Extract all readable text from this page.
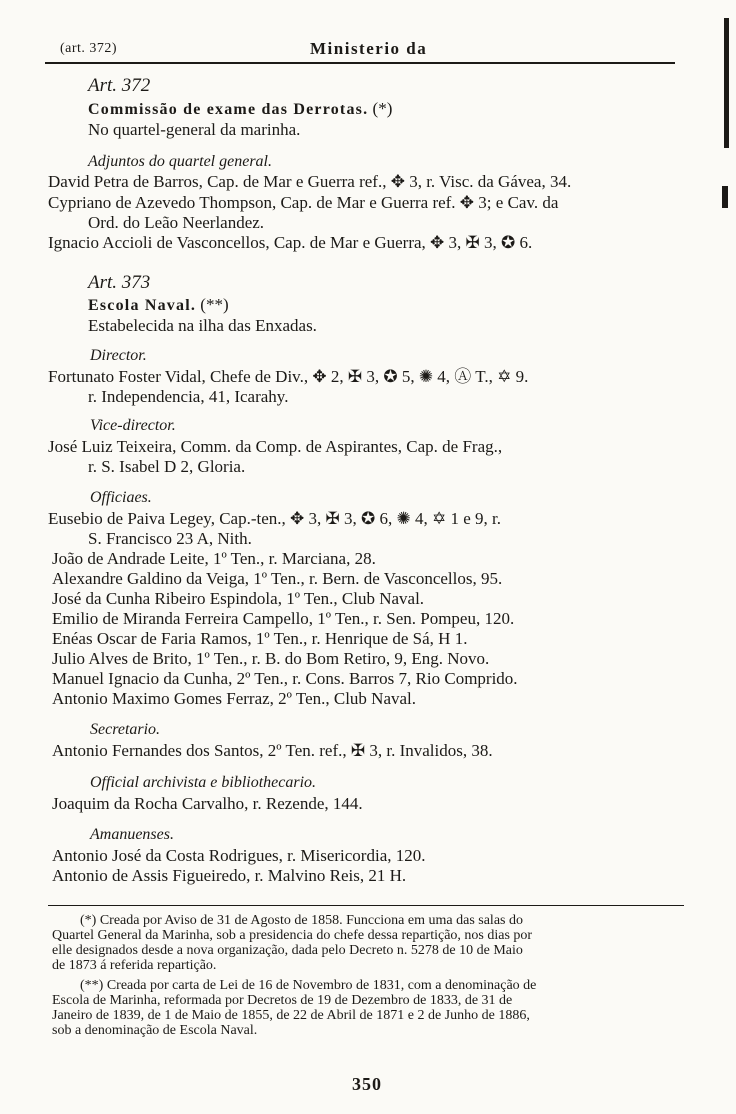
(art. 372)	Ministerio da
Art. 372
Commissão de exame das Derrotas. (*)
No quartel-general da marinha.
Adjuntos do quartel general.
David Petra de Barros, Cap. de Mar e Guerra ref., ✥ 3, r. Visc. da Gávea, 34.
Cypriano de Azevedo Thompson, Cap. de Mar e Guerra ref. ✥ 3; e Cav. da
Ord. do Leão Neerlandez.
Ignacio Accioli de Vasconcellos, Cap. de Mar e Guerra, ✥ 3, ✠ 3, ✪ 6.
Art. 373
Escola Naval. (**)
Estabelecida na ilha das Enxadas.
Director.
Fortunato Foster Vidal, Chefe de Div., ✥ 2, ✠ 3, ✪ 5, ✺ 4, Ⓐ T., ✡ 9.
r. Independencia, 41, Icarahy.
Vice-director.
José Luiz Teixeira, Comm. da Comp. de Aspirantes, Cap. de Frag.,
r. S. Isabel D 2, Gloria.
Officiaes.
Eusebio de Paiva Legey, Cap.-ten., ✥ 3, ✠ 3, ✪ 6, ✺ 4, ✡ 1 e 9, r.
S. Francisco 23 A, Nith.
João de Andrade Leite, 1º Ten., r. Marciana, 28.
Alexandre Galdino da Veiga, 1º Ten., r. Bern. de Vasconcellos, 95.
José da Cunha Ribeiro Espindola, 1º Ten., Club Naval.
Emilio de Miranda Ferreira Campello, 1º Ten., r. Sen. Pompeu, 120.
Enéas Oscar de Faria Ramos, 1º Ten., r. Henrique de Sá, H 1.
Julio Alves de Brito, 1º Ten., r. B. do Bom Retiro, 9, Eng. Novo.
Manuel Ignacio da Cunha, 2º Ten., r. Cons. Barros 7, Rio Comprido.
Antonio Maximo Gomes Ferraz, 2º Ten., Club Naval.
Secretario.
Antonio Fernandes dos Santos, 2º Ten. ref., ✠ 3, r. Invalidos, 38.
Official archivista e bibliothecario.
Joaquim da Rocha Carvalho, r. Rezende, 144.
Amanuenses.
Antonio José da Costa Rodrigues, r. Misericordia, 120.
Antonio de Assis Figueiredo, r. Malvino Reis, 21 H.
(*) Creada por Aviso de 31 de Agosto de 1858. Funcciona em uma das salas do
Quartel General da Marinha, sob a presidencia do chefe dessa repartição, nos dias por
elle designados desde a nova organização, dada pelo Decreto n. 5278 de 10 de Maio
de 1873 á referida repartição.
(**) Creada por carta de Lei de 16 de Novembro de 1831, com a denominação de
Escola de Marinha, reformada por Decretos de 19 de Dezembro de 1833, de 31 de
Janeiro de 1839, de 1 de Maio de 1855, de 22 de Abril de 1871 e 2 de Junho de 1886,
sob a denominação de Escola Naval.
350
